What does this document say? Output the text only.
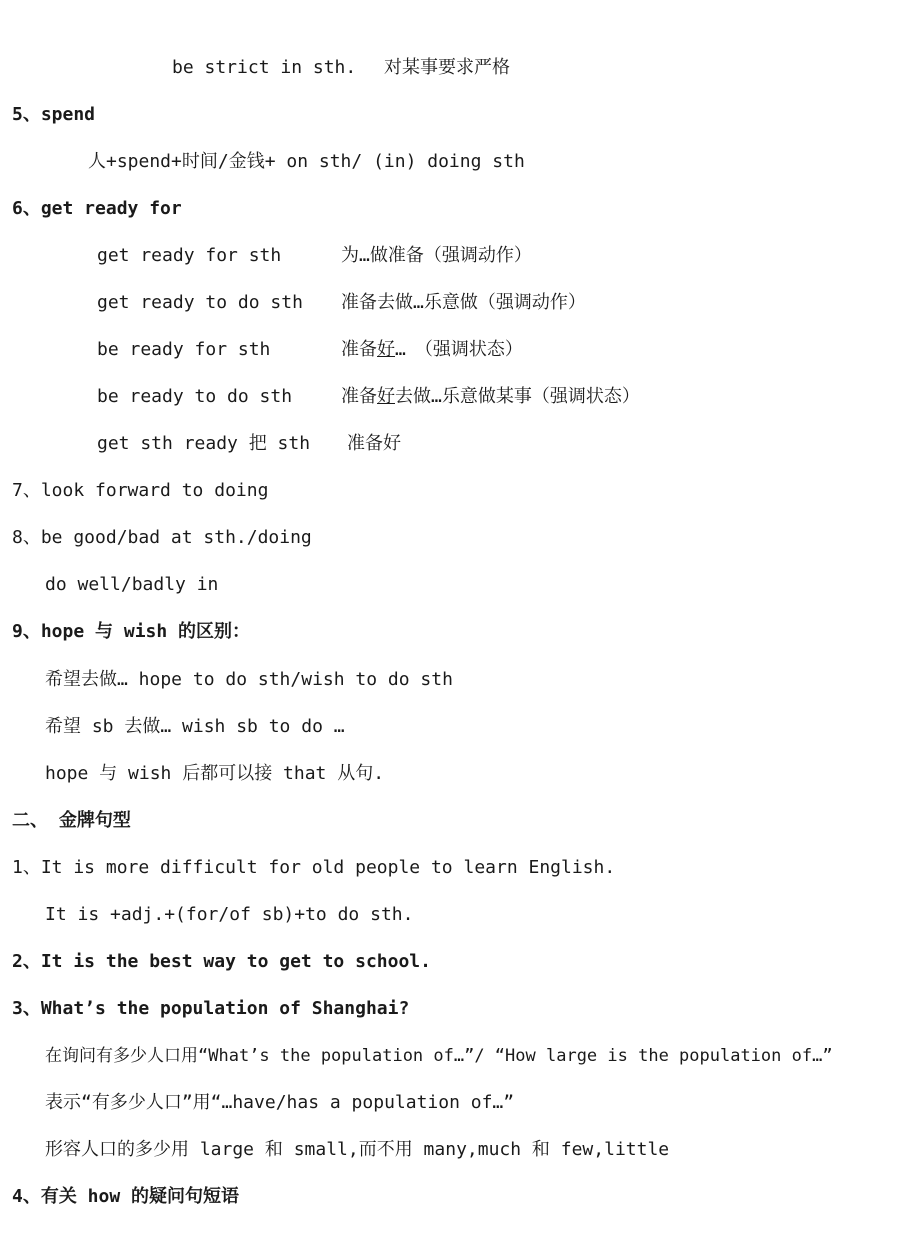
be strict in sth. 对某事要求严格
5、spend
人+spend+时间/金钱+ on sth/ (in) doing sth
6、get ready for
get ready for sth	为…做准备（强调动作）
get ready to do sth 准备去做…乐意做（强调动作）
be ready for sth	准备好…　（强调状态）
be ready to do sth	准备好去做…乐意做某事（强调状态）
get sth ready 把 sth 准备好
7、look forward to doing
8、be good/bad at sth./doing
do well/badly in
9、hope 与 wish 的区别：
希望去做… hope to do sth/wish to do sth
希望 sb 去做… wish sb to do …
hope 与 wish 后都可以接 that 从句.
二、 金牌句型
1、It is more difficult for old people to learn English.
It is +adj.+(for/of sb)+to do sth.
2、It is the best way to get to school.
3、What’s the population of Shanghai?
在询问有多少人口用“What’s the population of…”/ “How large is the population of…”
表示“有多少人口”用“…have/has a population of…”
形容人口的多少用 large 和 small,而不用 many,much 和 few,little
4、有关 how 的疑问句短语
